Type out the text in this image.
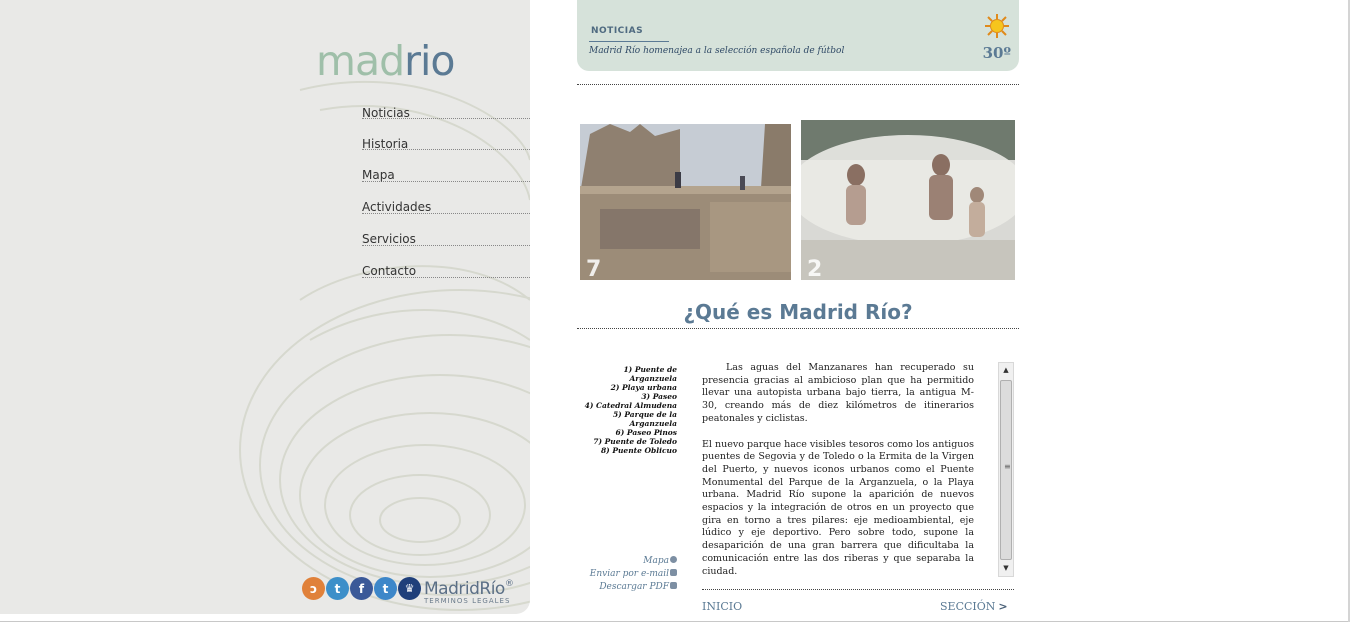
madrio
Noticias
Historia
Mapa
Actividades
Servicios
Contacto
ↄ	t	f	t	♛ MadridRío®
TERMINOS LEGALES
NOTICIAS
Madrid Río homenajea a la selección española de fútbol	30º
7	2
¿Qué es Madrid Río?
1) Puente de Arganzuela
2) Playa urbana
3) Paseo
4) Catedral Almudena
5) Parque de la
Arganzuela
6) Paseo Pinos
7) Puente de Toledo
8) Puente Oblicuo
Mapa
Enviar por e-mail
Descargar PDF

Las aguas del Manzanares han recuperado su presencia gracias al ambicioso plan que ha permitido llevar una autopista urbana bajo tierra, la antigua M-30, creando más de diez kilómetros de itinerarios peatonales y ciclistas.

El nuevo parque hace visibles tesoros como los antiguos puentes de Segovia y de Toledo o la Ermita de la Virgen del Puerto, y nuevos iconos urbanos como el Puente Monumental del Parque de la Arganzuela, o la Playa urbana. Madrid Río supone la aparición de nuevos espacios y la integración de otros en un proyecto que gira en torno a tres pilares: eje medioambiental, eje lúdico y eje deportivo. Pero sobre todo, supone la desaparición de una gran barrera que dificultaba la comunicación entre las dos riberas y que separaba la ciudad.

▲
≡
▼
INICIO	SECCIÓN >
